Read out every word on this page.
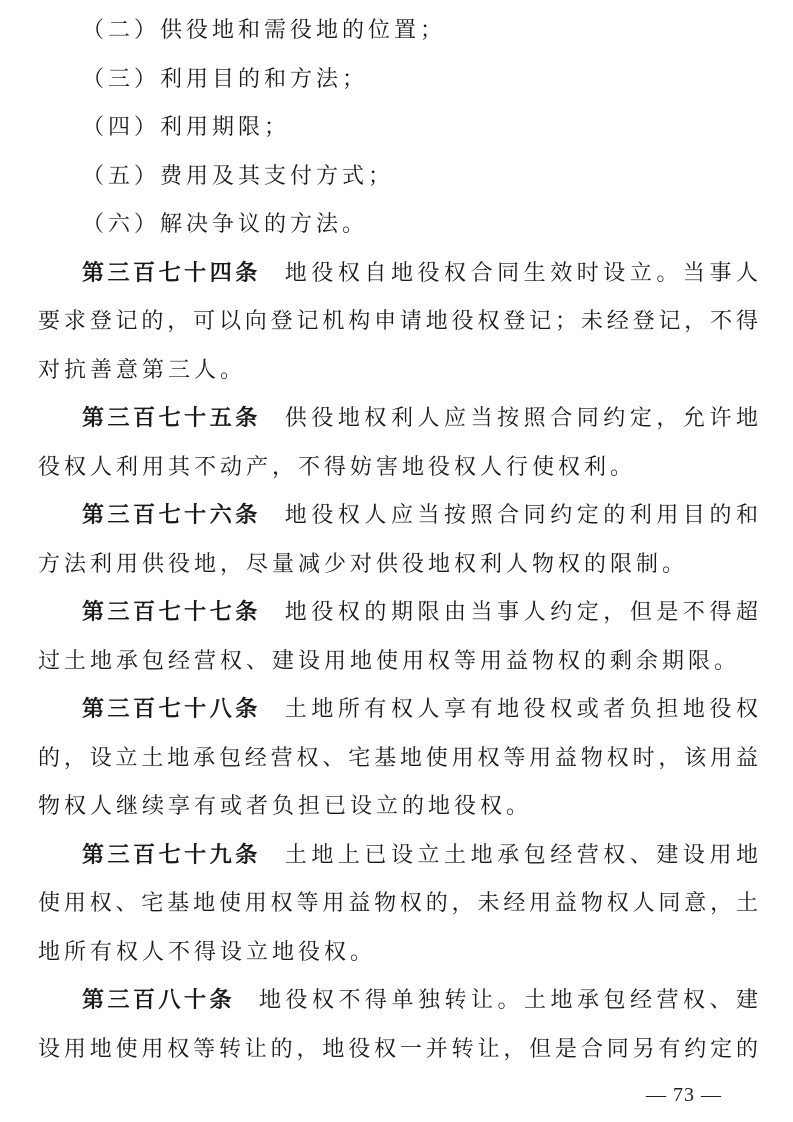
（二）供役地和需役地的位置；
（三）利用目的和方法；
（四）利用期限；
（五）费用及其支付方式；
（六）解决争议的方法。
第三百七十四条 地役权自地役权合同生效时设立。当事人
要求登记的，可以向登记机构申请地役权登记；未经登记，不得
对抗善意第三人。
第三百七十五条 供役地权利人应当按照合同约定，允许地
役权人利用其不动产，不得妨害地役权人行使权利。
第三百七十六条 地役权人应当按照合同约定的利用目的和
方法利用供役地，尽量减少对供役地权利人物权的限制。
第三百七十七条 地役权的期限由当事人约定，但是不得超
过土地承包经营权、建设用地使用权等用益物权的剩余期限。
第三百七十八条 土地所有权人享有地役权或者负担地役权
的，设立土地承包经营权、宅基地使用权等用益物权时，该用益
物权人继续享有或者负担已设立的地役权。
第三百七十九条 土地上已设立土地承包经营权、建设用地
使用权、宅基地使用权等用益物权的，未经用益物权人同意，土
地所有权人不得设立地役权。
第三百八十条 地役权不得单独转让。土地承包经营权、建
设用地使用权等转让的，地役权一并转让，但是合同另有约定的
— 73 —
